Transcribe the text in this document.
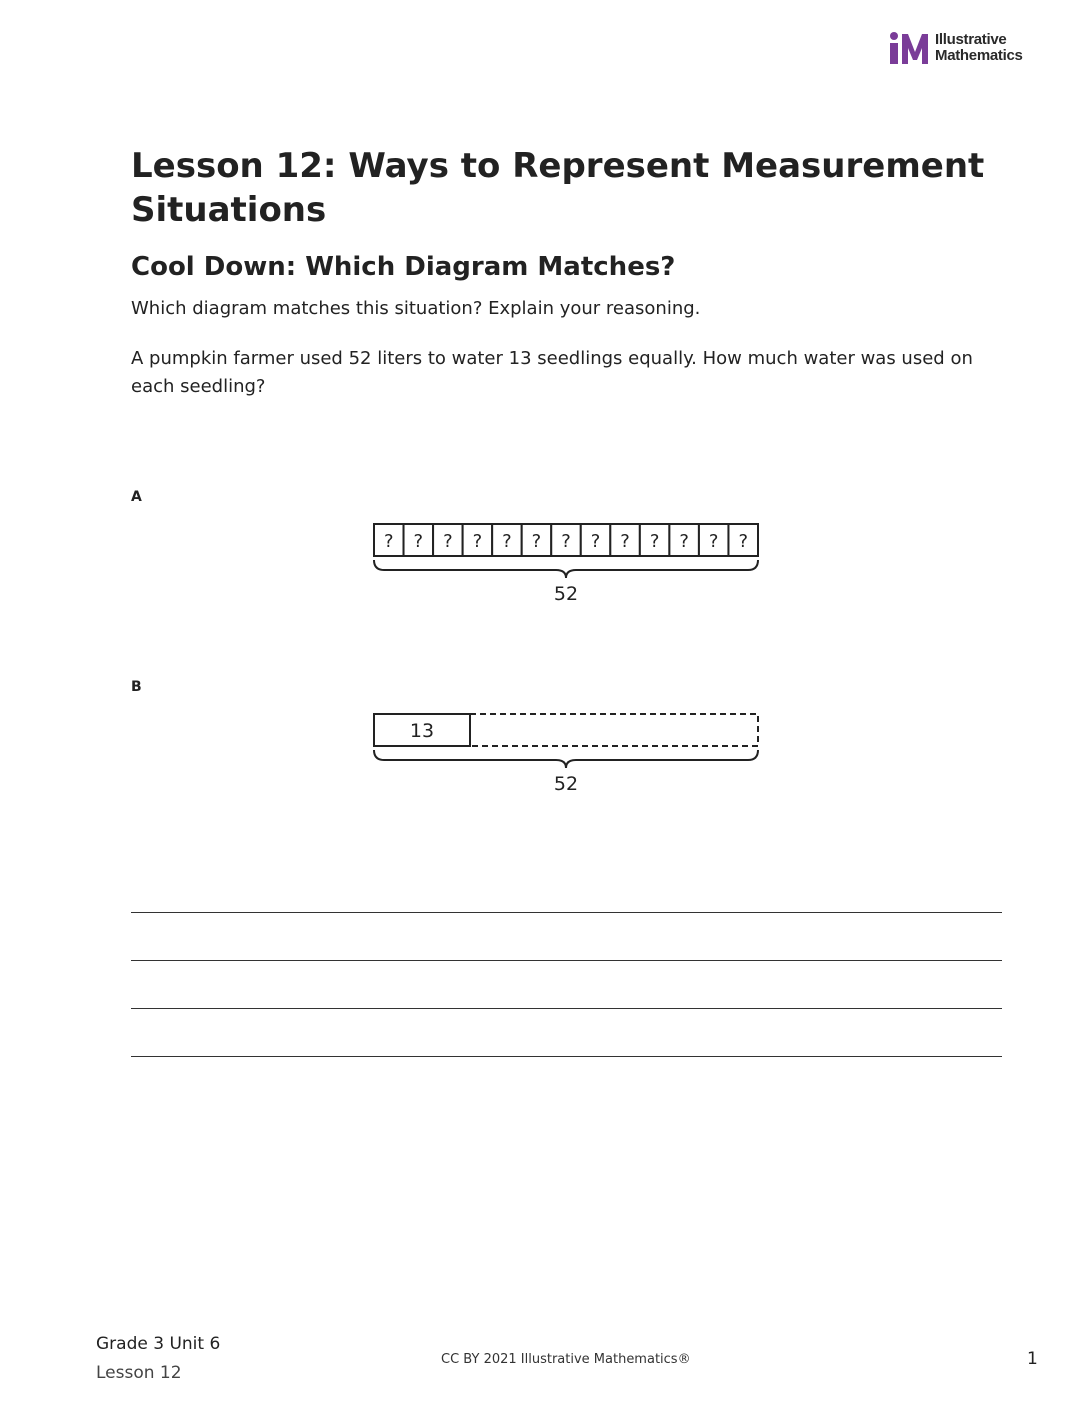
Illustrative
Mathematics
Lesson 12: Ways to Represent Measurement Situations
Cool Down: Which Diagram Matches?

Which diagram matches this situation? Explain your reasoning.

A pumpkin farmer used 52 liters to water 13 seedlings equally. How much water was used on each seedling?

A
? ? ? ? ? ? ? ? ? ? ? ? ?
52
B
13
52
Grade 3 Unit 6
Lesson 12
CC BY 2021 Illustrative Mathematics®	1
